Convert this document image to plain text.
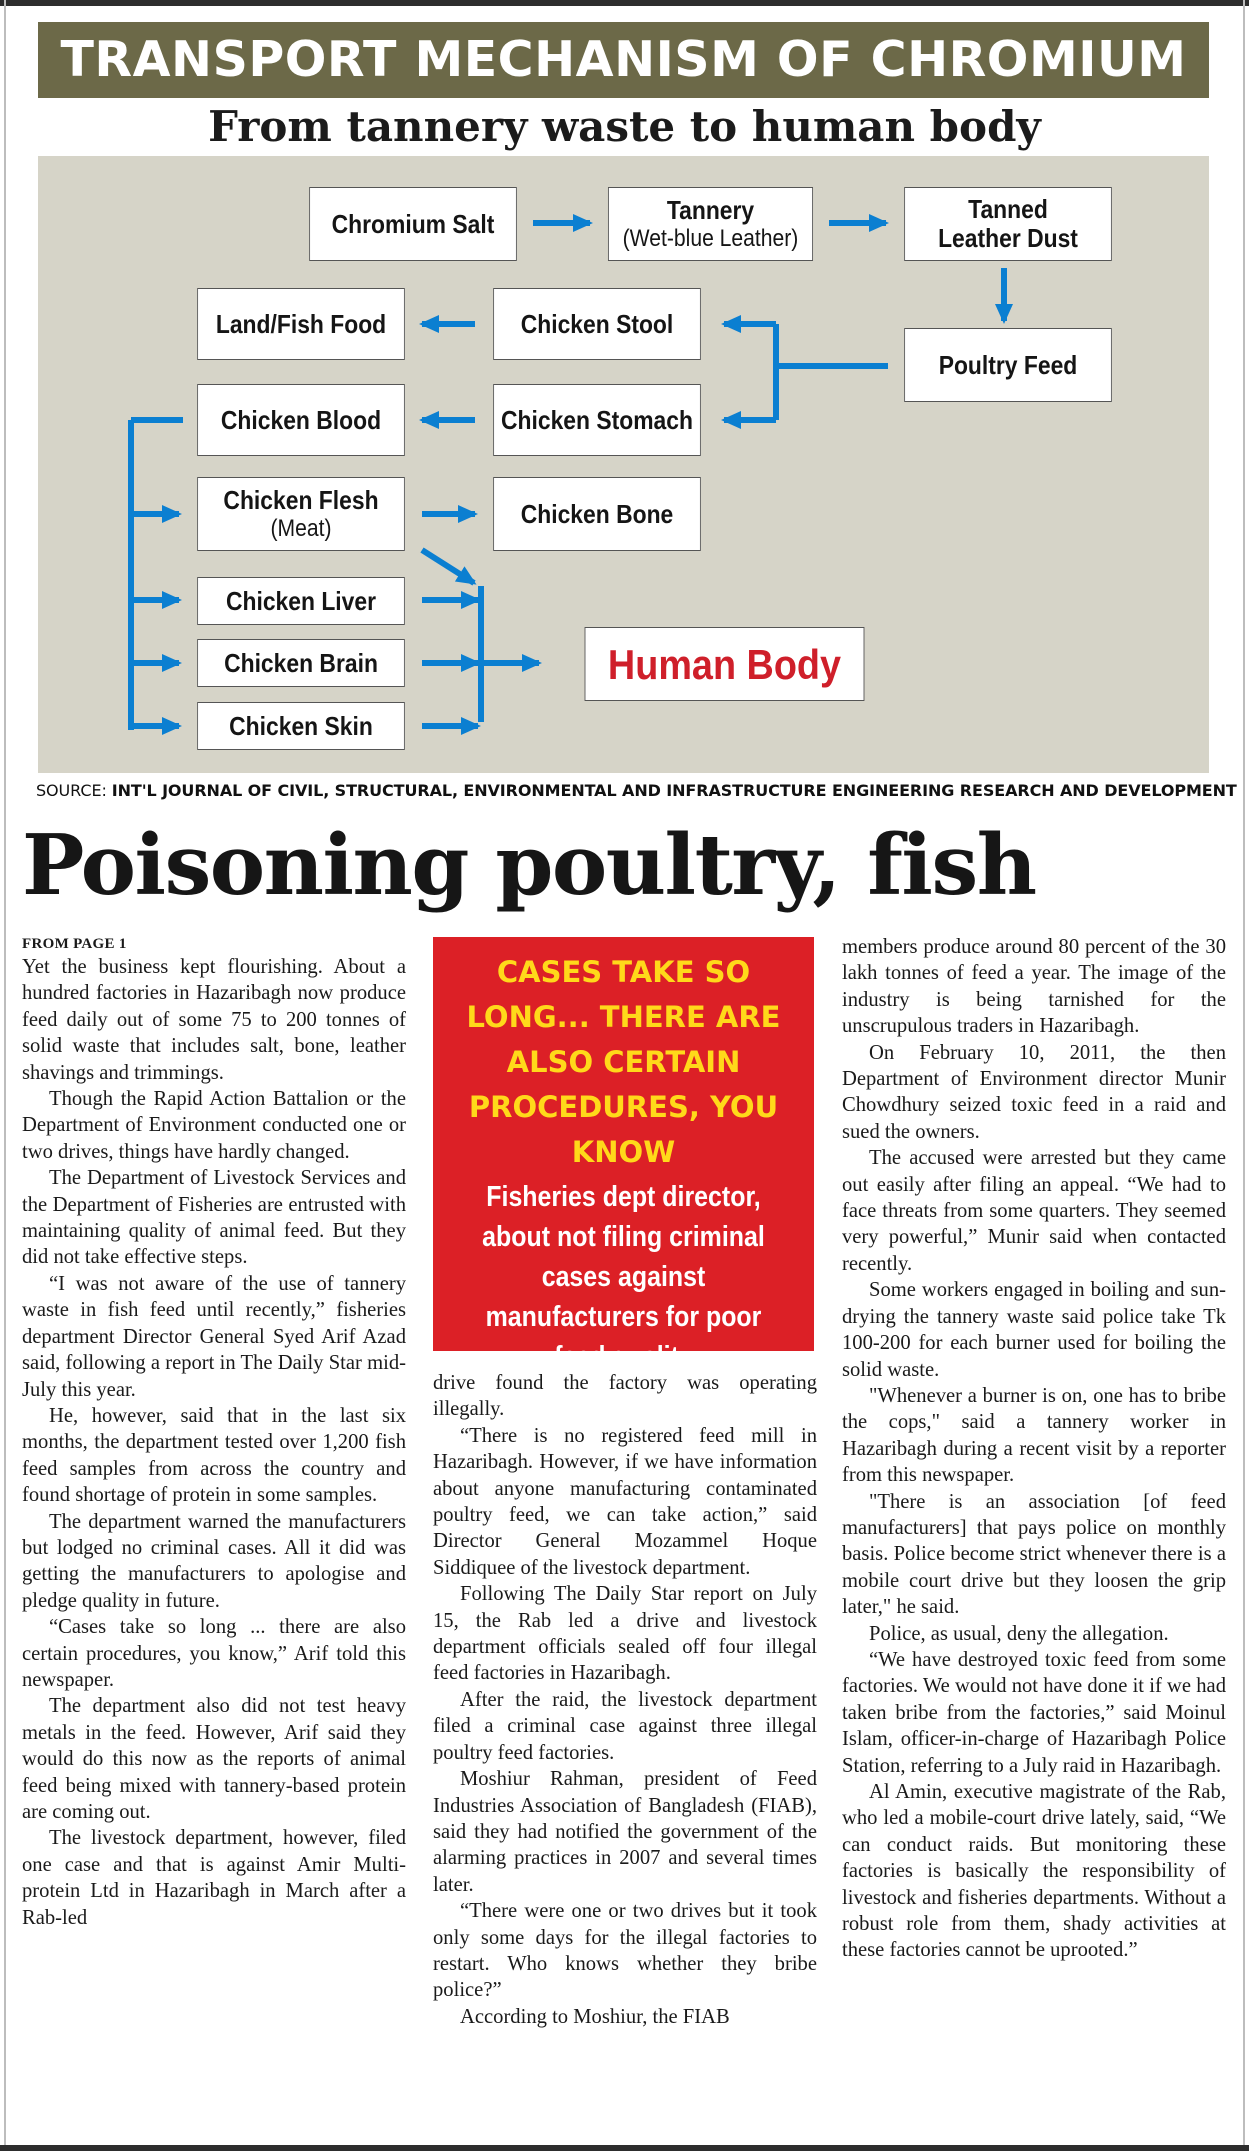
TRANSPORT MECHANISM OF CHROMIUM
From tannery waste to human body
Chromium Salt	Tannery
(Wet-blue Leather)
Tanned
Leather Dust
Poultry Feed
Chicken Stool
Land/Fish Food
Chicken Stomach
Chicken Blood
Chicken Flesh
(Meat)	Chicken Bone
Chicken Liver
Chicken Brain
Chicken Skin
Human Body
SOURCE: INT'L JOURNAL OF CIVIL, STRUCTURAL, ENVIRONMENTAL AND INFRASTRUCTURE ENGINEERING RESEARCH AND DEVELOPMENT
Poisoning poultry, fish
FROM PAGE 1

Yet the business kept flourishing. About a hundred factories in Hazaribagh now produce feed daily out of some 75 to 200 tonnes of solid waste that includes salt, bone, leather shavings and trimmings.

Though the Rapid Action Battalion or the Department of Environment conducted one or two drives, things have hardly changed.

The Department of Livestock Services and the Department of Fisheries are entrusted with maintaining quality of animal feed. But they did not take effective steps.

“I was not aware of the use of tannery waste in fish feed until recently,” fisheries department Director General Syed Arif Azad said, following a report in The Daily Star mid-July this year.

He, however, said that in the last six months, the department tested over 1,200 fish feed samples from across the country and found shortage of protein in some samples.

The department warned the manufacturers but lodged no criminal cases. All it did was getting the manufacturers to apologise and pledge quality in future.

“Cases take so long ... there are also certain procedures, you know,” Arif told this newspaper.

The department also did not test heavy metals in the feed. However, Arif said they would do this now as the reports of animal feed being mixed with tannery-based protein are coming out.

The livestock department, however, filed one case and that is against Amir Multi-protein Ltd in Hazaribagh in March after a Rab-led

CASES TAKE SO LONG... THERE ARE ALSO CERTAIN PROCEDURES, YOU KNOW
Fisheries dept director, about not filing criminal cases against manufacturers for poor feed quality

drive found the factory was operating illegally.

“There is no registered feed mill in Hazaribagh. However, if we have information about anyone manufacturing contaminated poultry feed, we can take action,” said Director General Mozammel Hoque Siddiquee of the livestock department.

Following The Daily Star report on July 15, the Rab led a drive and livestock department officials sealed off four illegal feed factories in Hazaribagh.

After the raid, the livestock department filed a criminal case against three illegal poultry feed factories.

Moshiur Rahman, president of Feed Industries Association of Bangladesh (FIAB), said they had notified the government of the alarming practices in 2007 and several times later.

“There were one or two drives but it took only some days for the illegal factories to restart. Who knows whether they bribe police?”

According to Moshiur, the FIAB

members produce around 80 percent of the 30 lakh tonnes of feed a year. The image of the industry is being tarnished for the unscrupulous traders in Hazaribagh.

On February 10, 2011, the then Department of Environment director Munir Chowdhury seized toxic feed in a raid and sued the owners.

The accused were arrested but they came out easily after filing an appeal. “We had to face threats from some quarters. They seemed very powerful,” Munir said when contacted recently.

Some workers engaged in boiling and sun-drying the tannery waste said police take Tk 100-200 for each burner used for boiling the solid waste.

"Whenever a burner is on, one has to bribe the cops," said a tannery worker in Hazaribagh during a recent visit by a reporter from this newspaper.

"There is an association [of feed manufacturers] that pays police on monthly basis. Police become strict whenever there is a mobile court drive but they loosen the grip later," he said.

Police, as usual, deny the allegation.

“We have destroyed toxic feed from some factories. We would not have done it if we had taken bribe from the factories,” said Moinul Islam, officer-in-charge of Hazaribagh Police Station, referring to a July raid in Hazaribagh.

Al Amin, executive magistrate of the Rab, who led a mobile-court drive lately, said, “We can conduct raids. But monitoring these factories is basically the responsibility of livestock and fisheries departments. Without a robust role from them, shady activities at these factories cannot be uprooted.”
